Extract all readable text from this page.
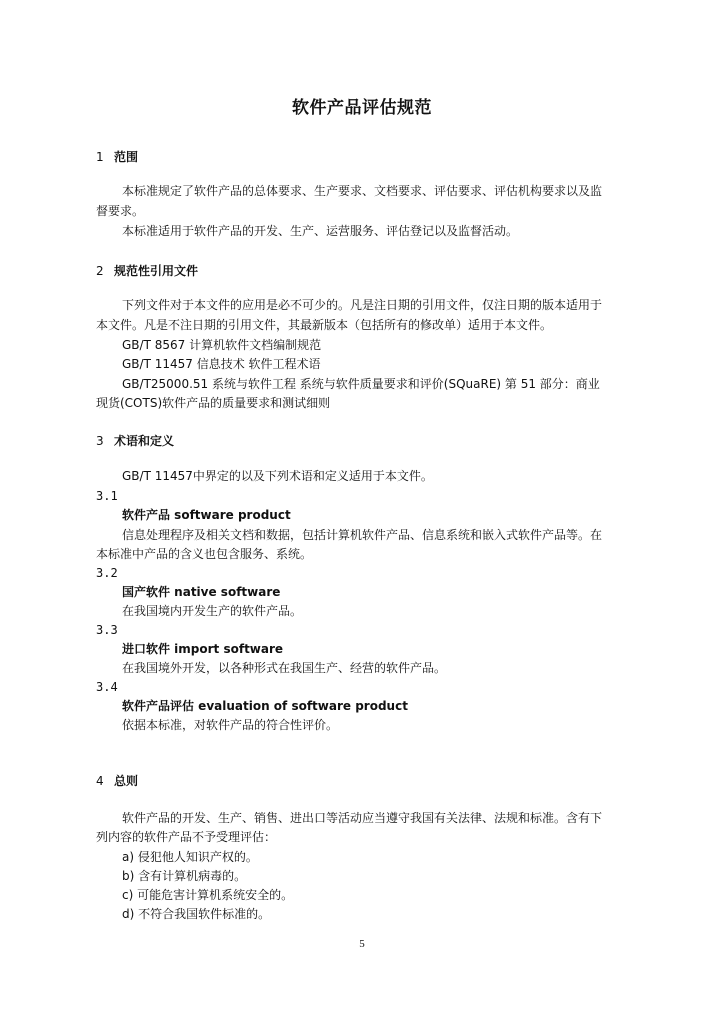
软件产品评估规范
1 范围
本标准规定了软件产品的总体要求、生产要求、文档要求、评估要求、评估机构要求以及监
督要求。
本标准适用于软件产品的开发、生产、运营服务、评估登记以及监督活动。
2 规范性引用文件
下列文件对于本文件的应用是必不可少的。凡是注日期的引用文件，仅注日期的版本适用于
本文件。凡是不注日期的引用文件，其最新版本（包括所有的修改单）适用于本文件。
GB/T 8567 计算机软件文档编制规范
GB/T 11457 信息技术 软件工程术语
GB/T25000.51 系统与软件工程 系统与软件质量要求和评价(SQuaRE) 第 51 部分：商业
现货(COTS)软件产品的质量要求和测试细则
3 术语和定义
GB/T 11457中界定的以及下列术语和定义适用于本文件。
3.1
软件产品 software product
信息处理程序及相关文档和数据，包括计算机软件产品、信息系统和嵌入式软件产品等。在
本标准中产品的含义也包含服务、系统。
3.2
国产软件 native software
在我国境内开发生产的软件产品。
3.3
进口软件 import software
在我国境外开发，以各种形式在我国生产、经营的软件产品。
3.4
软件产品评估 evaluation of software product
依据本标准，对软件产品的符合性评价。
4 总则
软件产品的开发、生产、销售、进出口等活动应当遵守我国有关法律、法规和标准。含有下
列内容的软件产品不予受理评估：
a) 侵犯他人知识产权的。
b) 含有计算机病毒的。
c) 可能危害计算机系统安全的。
d) 不符合我国软件标准的。
5
